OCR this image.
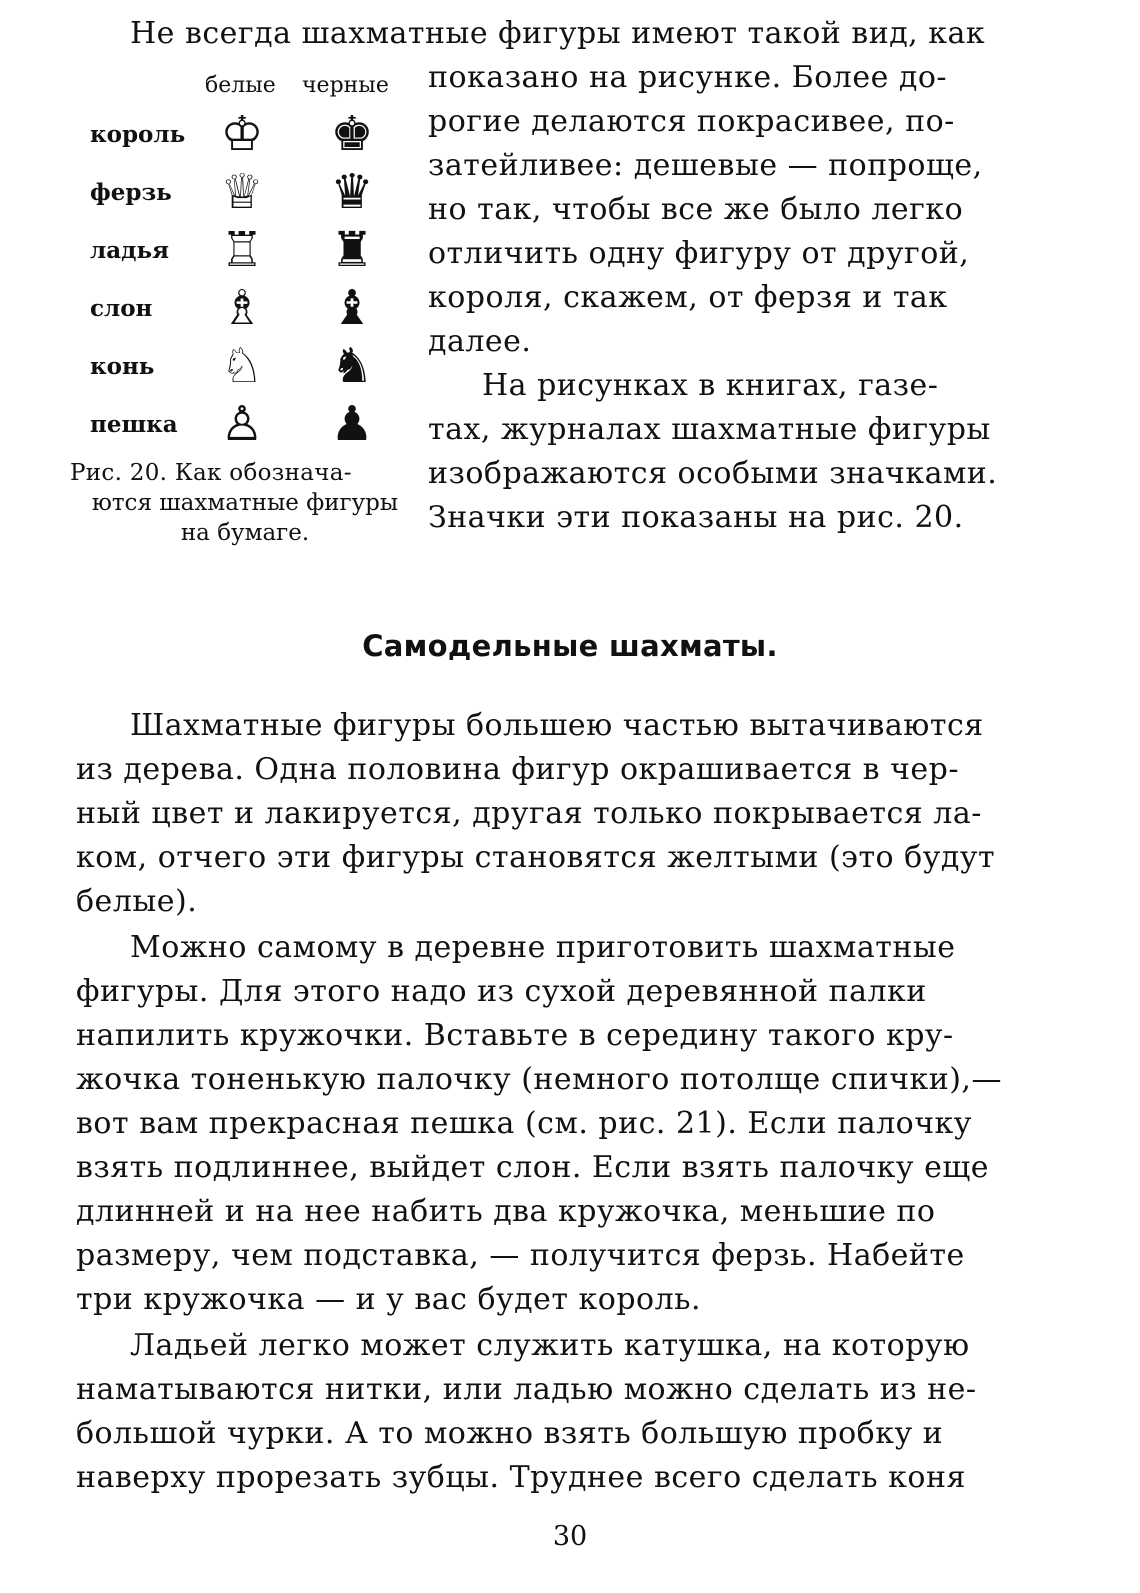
Не всегда шахматные фигуры имеют такой вид, как
белые черные
король ♔ ♚
ферзь ♕ ♛
ладья ♖ ♜
слон ♗ ♝
конь ♘ ♞
пешка ♙ ♟
Рис. 20. Как обознача-
ются шахматные фигуры
на бумаге.
показано на рисунке. Более до-
рогие делаются покрасивее, по-
затейливее: дешевые — попроще,
но так, чтобы все же было легко
отличить одну фигуру от другой,
короля, скажем, от ферзя и так
далее.
На рисунках в книгах, газе-
тах, журналах шахматные фигуры
изображаются особыми значками.
Значки эти показаны на рис. 20.
Самодельные шахматы.
Шахматные фигуры большею частью вытачиваются
из дерева. Одна половина фигур окрашивается в чер-
ный цвет и лакируется, другая только покрывается ла-
ком, отчего эти фигуры становятся желтыми (это будут
белые).
Можно самому в деревне приготовить шахматные
фигуры. Для этого надо из сухой деревянной палки
напилить кружочки. Вставьте в середину такого кру-
жочка тоненькую палочку (немного потолще спички),—
вот вам прекрасная пешка (см. рис. 21). Если палочку
взять подлиннее, выйдет слон. Если взять палочку еще
длинней и на нее набить два кружочка, меньшие по
размеру, чем подставка, — получится ферзь. Набейте
три кружочка — и у вас будет король.
Ладьей легко может служить катушка, на которую
наматываются нитки, или ладью можно сделать из не-
большой чурки. А то можно взять большую пробку и
наверху прорезать зубцы. Труднее всего сделать коня
30
